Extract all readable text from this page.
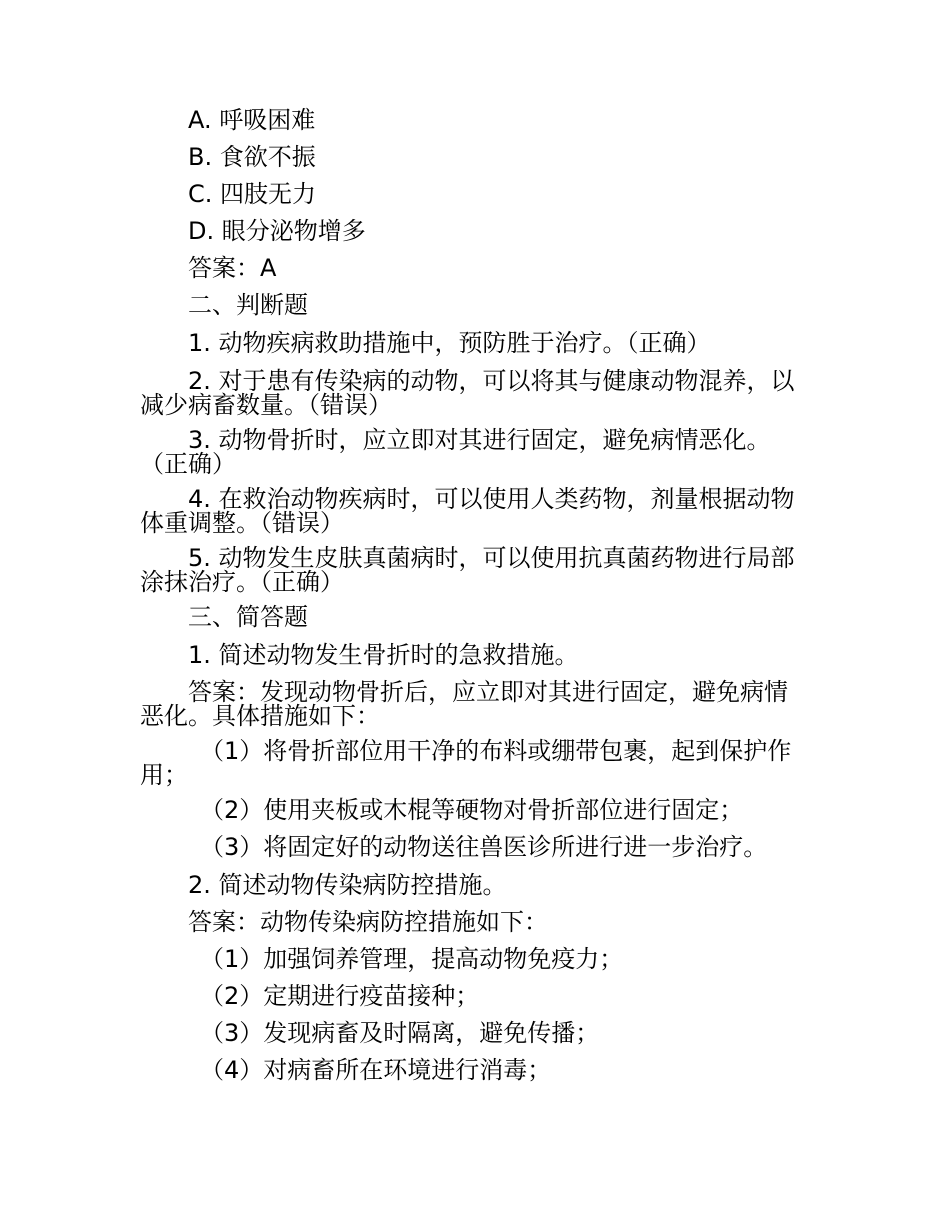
A. 呼吸困难
B. 食欲不振
C. 四肢无力
D. 眼分泌物增多
答案：A
二、判断题
1. 动物疾病救助措施中，预防胜于治疗。（正确）
2. 对于患有传染病的动物，可以将其与健康动物混养，以
减少病畜数量。（错误）
3. 动物骨折时，应立即对其进行固定，避免病情恶化。
（正确）
4. 在救治动物疾病时，可以使用人类药物，剂量根据动物
体重调整。（错误）
5. 动物发生皮肤真菌病时，可以使用抗真菌药物进行局部
涂抹治疗。（正确）
三、简答题
1. 简述动物发生骨折时的急救措施。
答案：发现动物骨折后，应立即对其进行固定，避免病情
恶化。具体措施如下：
（1）将骨折部位用干净的布料或绷带包裹，起到保护作
用；
（2）使用夹板或木棍等硬物对骨折部位进行固定；
（3）将固定好的动物送往兽医诊所进行进一步治疗。
2. 简述动物传染病防控措施。
答案：动物传染病防控措施如下：
（1）加强饲养管理，提高动物免疫力；
（2）定期进行疫苗接种；
（3）发现病畜及时隔离，避免传播；
（4）对病畜所在环境进行消毒；
